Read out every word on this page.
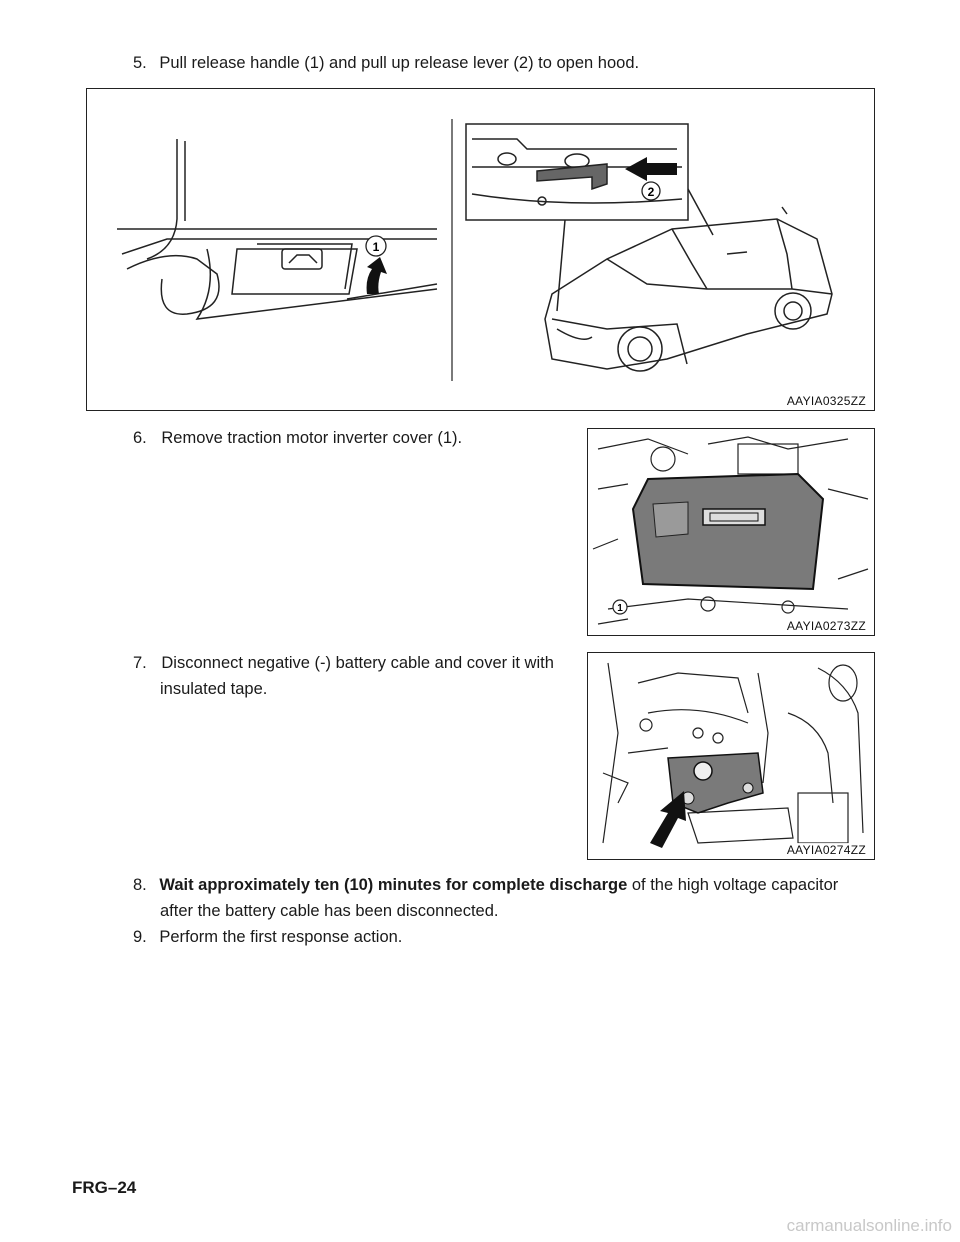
5. Pull release handle (1) and pull up release lever (2) to open hood.
1
2
AAYIA0325ZZ
6. Remove traction motor inverter cover (1).
1
AAYIA0273ZZ
7. Disconnect negative (-) battery cable and cover it with
insulated tape.
AAYIA0274ZZ
8. Wait approximately ten (10) minutes for complete discharge of the high voltage capacitor
after the battery cable has been disconnected.
9. Perform the first response action.
FRG–24
carmanualsonline.info
